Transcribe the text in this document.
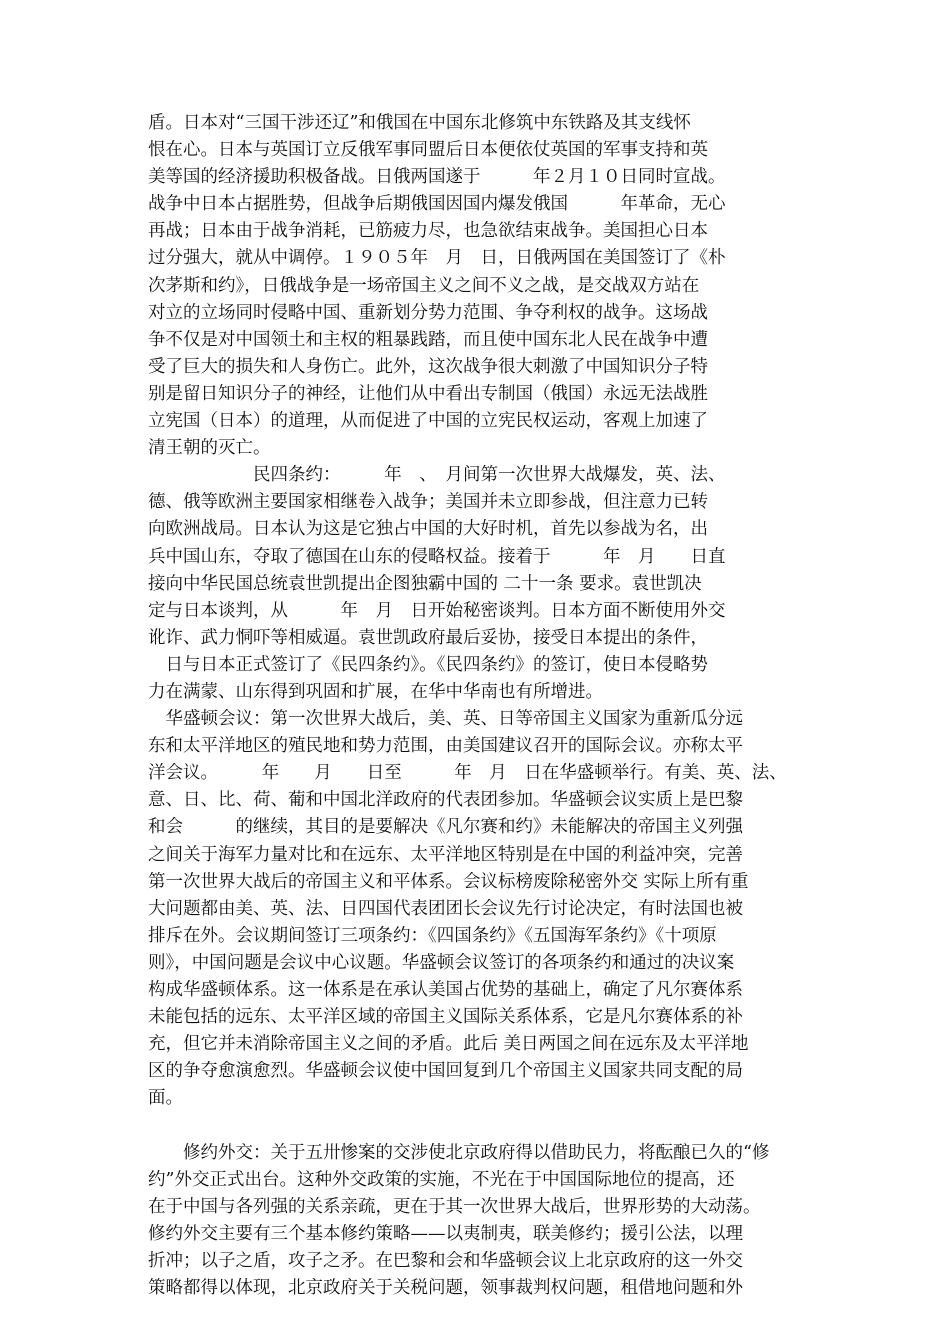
盾。日本对“三国干涉还辽”和俄国在中国东北修筑中东铁路及其支线怀
恨在心。日本与英国订立反俄军事同盟后日本便依仗英国的军事支持和英
美等国的经济援助积极备战。日俄两国遂于　　　年２月１０日同时宣战。
战争中日本占据胜势，但战争后期俄国因国内爆发俄国　　　年革命，无心
再战；日本由于战争消耗，已筋疲力尽，也急欲结束战争。美国担心日本
过分强大，就从中调停。１９０５年　月　日，日俄两国在美国签订了《朴
次茅斯和约》，日俄战争是一场帝国主义之间不义之战，是交战双方站在
对立的立场同时侵略中国、重新划分势力范围、争夺利权的战争。这场战
争不仅是对中国领土和主权的粗暴践踏，而且使中国东北人民在战争中遭
受了巨大的损失和人身伤亡。此外，这次战争很大刺激了中国知识分子特
别是留日知识分子的神经，让他们从中看出专制国（俄国）永远无法战胜
立宪国（日本）的道理，从而促进了中国的立宪民权运动，客观上加速了
清王朝的灭亡。
　　　　　　民四条约：　　　年　、　月间第一次世界大战爆发，英、法、
德、俄等欧洲主要国家相继卷入战争；美国并未立即参战，但注意力已转
向欧洲战局。日本认为这是它独占中国的大好时机，首先以参战为名，出
兵中国山东，夺取了德国在山东的侵略权益。接着于　　　年　月　　日直
接向中华民国总统袁世凯提出企图独霸中国的 二十一条 要求。袁世凯决
定与日本谈判，从　　　年　月　日开始秘密谈判。日本方面不断使用外交
讹诈、武力恫吓等相威逼。袁世凯政府最后妥协，接受日本提出的条件，
　日与日本正式签订了《民四条约》。《民四条约》的签订，使日本侵略势
力在满蒙、山东得到巩固和扩展，在华中华南也有所增进。
　华盛顿会议：第一次世界大战后，美、英、日等帝国主义国家为重新瓜分远
东和太平洋地区的殖民地和势力范围，由美国建议召开的国际会议。亦称太平
洋会议。　　　年　　月　　日至　　　年　月　日在华盛顿举行。有美、英、法、
意、日、比、荷、葡和中国北洋政府的代表团参加。华盛顿会议实质上是巴黎
和会　　　的继续，其目的是要解决《凡尔赛和约》未能解决的帝国主义列强
之间关于海军力量对比和在远东、太平洋地区特别是在中国的利益冲突，完善
第一次世界大战后的帝国主义和平体系。会议标榜废除秘密外交 实际上所有重
大问题都由美、英、法、日四国代表团团长会议先行讨论决定，有时法国也被
排斥在外。会议期间签订三项条约：《四国条约》《五国海军条约》《十项原
则》，中国问题是会议中心议题。华盛顿会议签订的各项条约和通过的决议案
构成华盛顿体系。这一体系是在承认美国占优势的基础上，确定了凡尔赛体系
未能包括的远东、太平洋区域的帝国主义国际关系体系，它是凡尔赛体系的补
充，但它并未消除帝国主义之间的矛盾。此后 美日两国之间在远东及太平洋地
区的争夺愈演愈烈。华盛顿会议使中国回复到几个帝国主义国家共同支配的局
面。
　　修约外交：关于五卅惨案的交涉使北京政府得以借助民力，将酝酿已久的“修
约”外交正式出台。这种外交政策的实施，不光在于中国国际地位的提高，还
在于中国与各列强的关系亲疏，更在于其一次世界大战后，世界形势的大动荡。
修约外交主要有三个基本修约策略——以夷制夷，联美修约；援引公法，以理
折冲；以子之盾，攻子之矛。在巴黎和会和华盛顿会议上北京政府的这一外交
策略都得以体现，北京政府关于关税问题，领事裁判权问题，租借地问题和外
